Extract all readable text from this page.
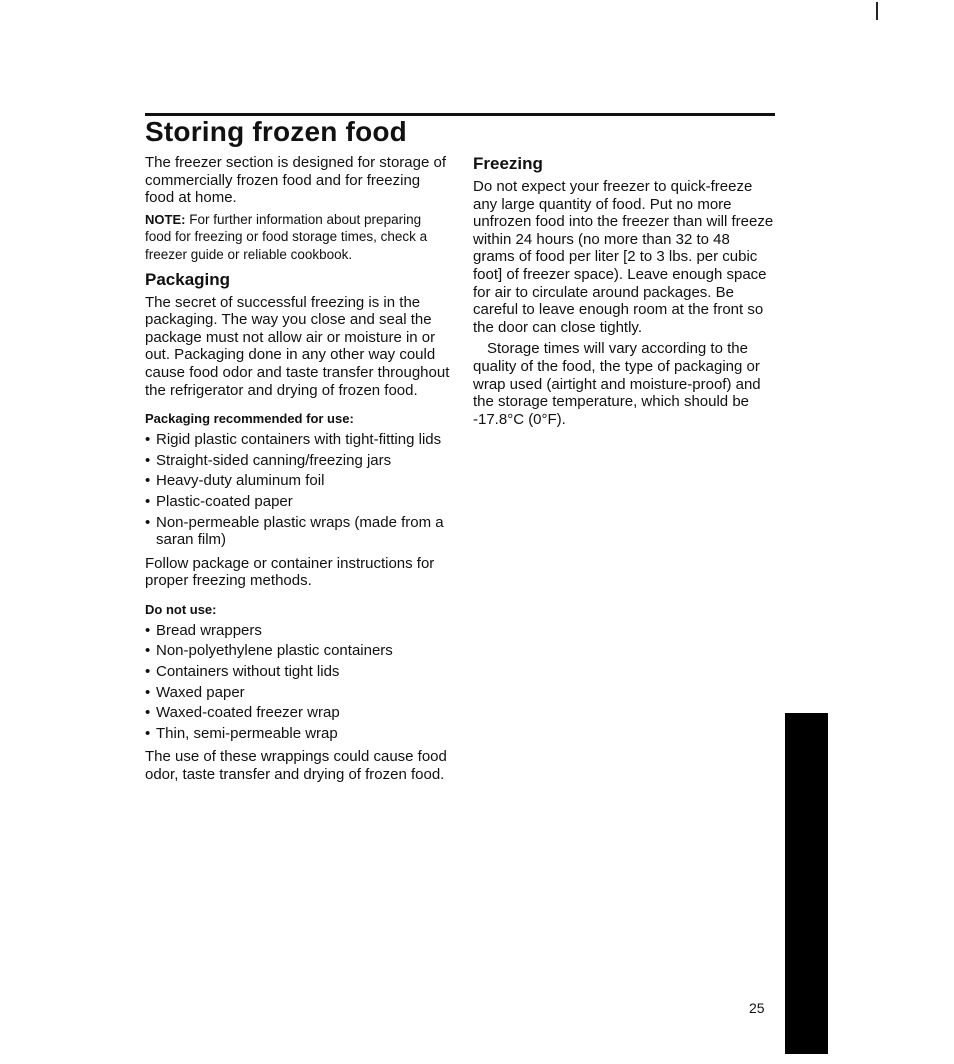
Storing frozen food

The freezer section is designed for storage of commercially frozen food and for freezing food at home.

NOTE: For further information about preparing food for freezing or food storage times, check a freezer guide or reliable cookbook.

Packaging

The secret of successful freezing is in the packaging. The way you close and seal the package must not allow air or moisture in or out. Packaging done in any other way could cause food odor and taste transfer throughout the refrigerator and drying of frozen food.

Packaging recommended for use:
• Rigid plastic containers with tight-fitting lids
• Straight-sided canning/freezing jars
• Heavy-duty aluminum foil
• Plastic-coated paper
• Non-permeable plastic wraps (made from a saran film)

Follow package or container instructions for proper freezing methods.

Do not use:
• Bread wrappers
• Non-polyethylene plastic containers
• Containers without tight lids
• Waxed paper
• Waxed-coated freezer wrap
• Thin, semi-permeable wrap

The use of these wrappings could cause food odor, taste transfer and drying of frozen food.

Freezing

Do not expect your freezer to quick-freeze any large quantity of food. Put no more unfrozen food into the freezer than will freeze within 24 hours (no more than 32 to 48 grams of food per liter [2 to 3 lbs. per cubic foot] of freezer space). Leave enough space for air to circulate around packages. Be careful to leave enough room at the front so the door can close tightly.

Storage times will vary according to the quality of the food, the type of packaging or wrap used (airtight and moisture-proof) and the storage temperature, which should be -17.8°C (0°F).

25
